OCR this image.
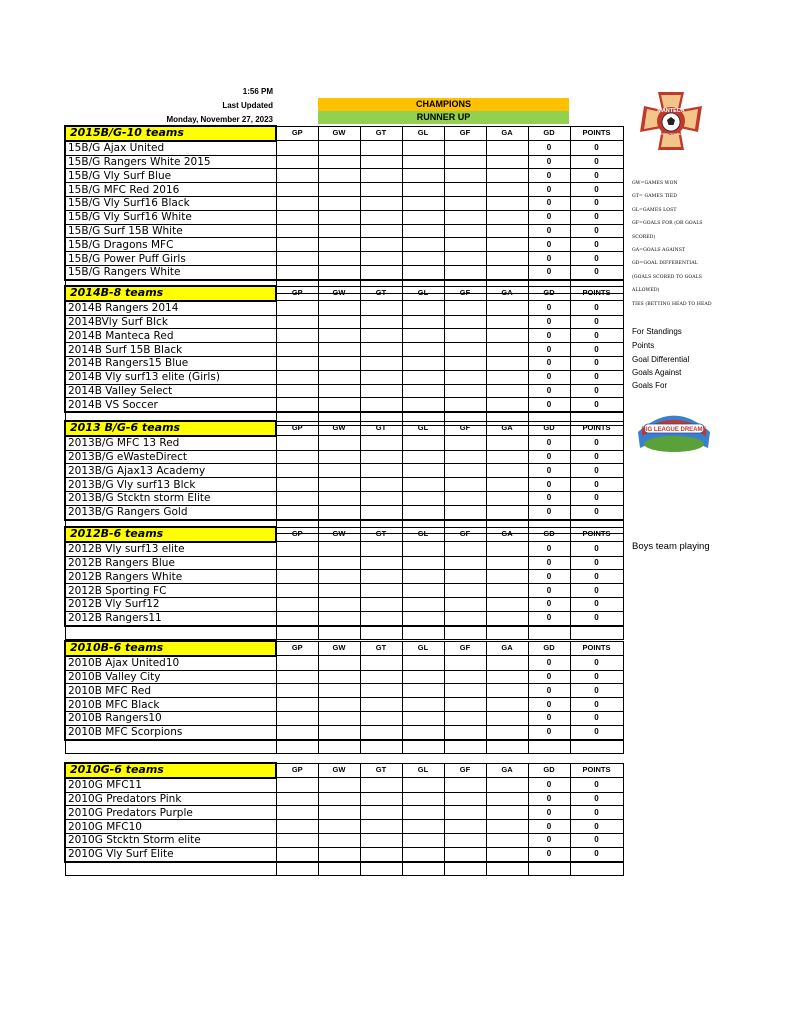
1:56 PM
Last Updated
Monday, November 27, 2023
CHAMPIONS
RUNNER UP
MANTECA
YOUTH SOCCER
BIG LEAGUE DREAMS
2015B/G-10 teams	GP	GW	GT	GL	GF	GA	GD	POINTS
15B/G Ajax United							0	0
15B/G Rangers White 2015							0	0
15B/G Vly Surf Blue							0	0
15B/G MFC Red 2016							0	0
15B/G Vly Surf16 Black							0	0
15B/G Vly Surf16 White							0	0
15B/G Surf 15B White							0	0
15B/G Dragons MFC							0	0
15B/G Power Puff Girls							0	0
15B/G Rangers White							0	0

2014B-8 teams	GP	GW	GT	GL	GF	GA	GD	POINTS
2014B Rangers 2014							0	0
2014BVly Surf Blck							0	0
2014B Manteca Red							0	0
2014B Surf 15B Black							0	0
2014B Rangers15 Blue							0	0
2014B Vly surf13 elite (Girls)							0	0
2014B Valley Select							0	0
2014B VS Soccer							0	0

2013 B/G-6 teams	GP	GW	GT	GL	GF	GA	GD	POINTS
2013B/G MFC 13 Red							0	0
2013B/G eWasteDirect							0	0
2013B/G Ajax13 Academy							0	0
2013B/G Vly surf13 Blck							0	0
2013B/G Stcktn storm Elite							0	0
2013B/G Rangers Gold							0	0

2012B-6 teams	GP	GW	GT	GL	GF	GA	GD	POINTS
2012B Vly surf13 elite							0	0
2012B Rangers Blue							0	0
2012B Rangers White							0	0
2012B Sporting FC							0	0
2012B Vly Surf12							0	0
2012B Rangers11							0	0

2010B-6 teams	GP	GW	GT	GL	GF	GA	GD	POINTS
2010B Ajax United10							0	0
2010B Valley City							0	0
2010B MFC Red							0	0
2010B MFC Black							0	0
2010B Rangers10							0	0
2010B MFC Scorpions							0	0

2010G-6 teams	GP	GW	GT	GL	GF	GA	GD	POINTS
2010G MFC11							0	0
2010G Predators Pink							0	0
2010G Predators Purple							0	0
2010G MFC10							0	0
2010G Stcktn Storm elite							0	0
2010G Vly Surf Elite							0	0

GW=GAMES WON
GT= GAMES TIED
GL=GAMES LOST
GF=GOALS FOR (OR GOALS
SCORED)
GA=GOALS AGAINST
GD=GOAL DIFFERENTIAL
(GOALS SCORED TO GOALS
ALLOWED)
TIES (BETTING HEAD TO HEAD
For Standings
Points
Goal Differential
Goals Against
Goals For
Boys team playing
